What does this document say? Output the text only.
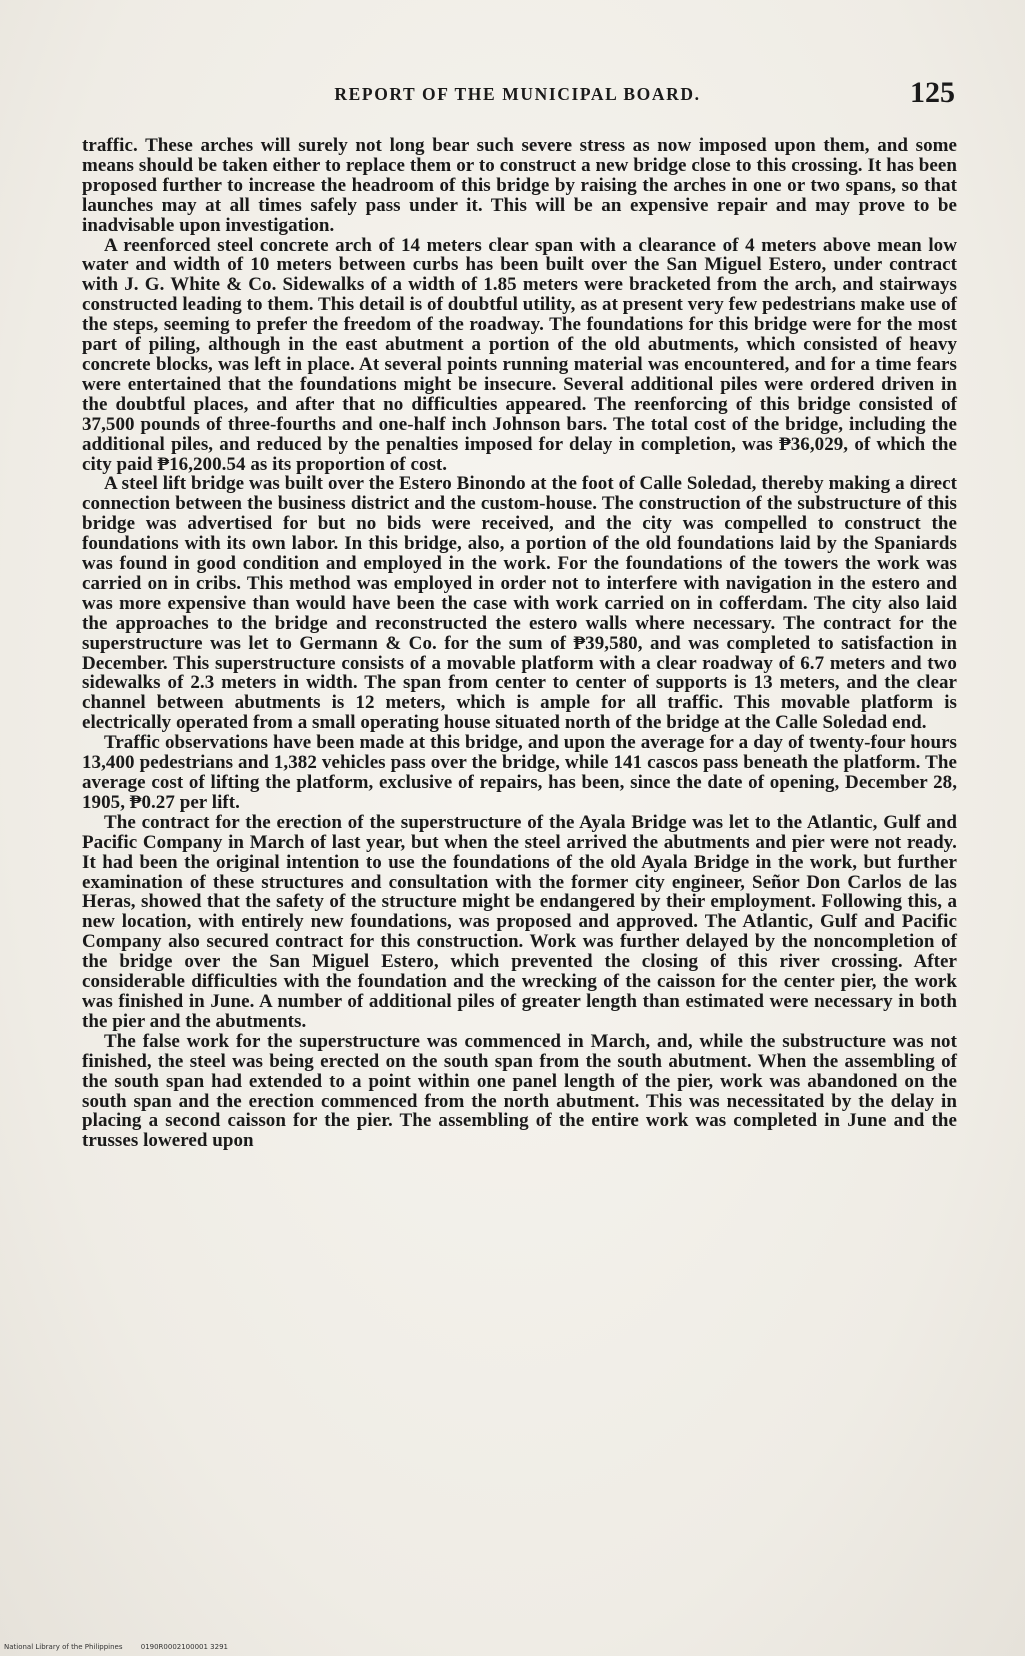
REPORT OF THE MUNICIPAL BOARD.	125

traffic. These arches will surely not long bear such severe stress as now imposed upon them, and some means should be taken either to replace them or to construct a new bridge close to this crossing. It has been proposed further to increase the headroom of this bridge by raising the arches in one or two spans, so that launches may at all times safely pass under it. This will be an expensive repair and may prove to be inadvisable upon investigation.

A reenforced steel concrete arch of 14 meters clear span with a clearance of 4 meters above mean low water and width of 10 meters between curbs has been built over the San Miguel Estero, under contract with J. G. White & Co. Sidewalks of a width of 1.85 meters were bracketed from the arch, and stairways constructed leading to them. This detail is of doubtful utility, as at present very few pedestrians make use of the steps, seeming to prefer the freedom of the roadway. The foundations for this bridge were for the most part of piling, although in the east abutment a portion of the old abutments, which consisted of heavy concrete blocks, was left in place. At several points running material was encountered, and for a time fears were entertained that the foundations might be insecure. Several additional piles were ordered driven in the doubtful places, and after that no difficulties appeared. The reenforcing of this bridge consisted of 37,500 pounds of three-fourths and one-half inch Johnson bars. The total cost of the bridge, including the additional piles, and reduced by the penalties imposed for delay in completion, was ₱36,029, of which the city paid ₱16,200.54 as its proportion of cost.

A steel lift bridge was built over the Estero Binondo at the foot of Calle Soledad, thereby making a direct connection between the business district and the custom-house. The construction of the substructure of this bridge was advertised for but no bids were received, and the city was compelled to construct the foundations with its own labor. In this bridge, also, a portion of the old foundations laid by the Spaniards was found in good condition and employed in the work. For the foundations of the towers the work was carried on in cribs. This method was employed in order not to interfere with navigation in the estero and was more expensive than would have been the case with work carried on in cofferdam. The city also laid the approaches to the bridge and reconstructed the estero walls where necessary. The contract for the superstructure was let to Germann & Co. for the sum of ₱39,580, and was completed to satisfaction in December. This superstructure consists of a movable platform with a clear roadway of 6.7 meters and two sidewalks of 2.3 meters in width. The span from center to center of supports is 13 meters, and the clear channel between abutments is 12 meters, which is ample for all traffic. This movable platform is electrically operated from a small operating house situated north of the bridge at the Calle Soledad end.

Traffic observations have been made at this bridge, and upon the average for a day of twenty-four hours 13,400 pedestrians and 1,382 vehicles pass over the bridge, while 141 cascos pass beneath the platform. The average cost of lifting the platform, exclusive of repairs, has been, since the date of opening, December 28, 1905, ₱0.27 per lift.

The contract for the erection of the superstructure of the Ayala Bridge was let to the Atlantic, Gulf and Pacific Company in March of last year, but when the steel arrived the abutments and pier were not ready. It had been the original intention to use the foundations of the old Ayala Bridge in the work, but further examination of these structures and consultation with the former city engineer, Señor Don Carlos de las Heras, showed that the safety of the structure might be endangered by their employment. Following this, a new location, with entirely new foundations, was proposed and approved. The Atlantic, Gulf and Pacific Company also secured contract for this construction. Work was further delayed by the noncompletion of the bridge over the San Miguel Estero, which prevented the closing of this river crossing. After considerable difficulties with the foundation and the wrecking of the caisson for the center pier, the work was finished in June. A number of additional piles of greater length than estimated were necessary in both the pier and the abutments.

The false work for the superstructure was commenced in March, and, while the substructure was not finished, the steel was being erected on the south span from the south abutment. When the assembling of the south span had extended to a point within one panel length of the pier, work was abandoned on the south span and the erection commenced from the north abutment. This was necessitated by the delay in placing a second caisson for the pier. The assembling of the entire work was completed in June and the trusses lowered upon

National Library of the Philippines	0190R0002100001 3291
